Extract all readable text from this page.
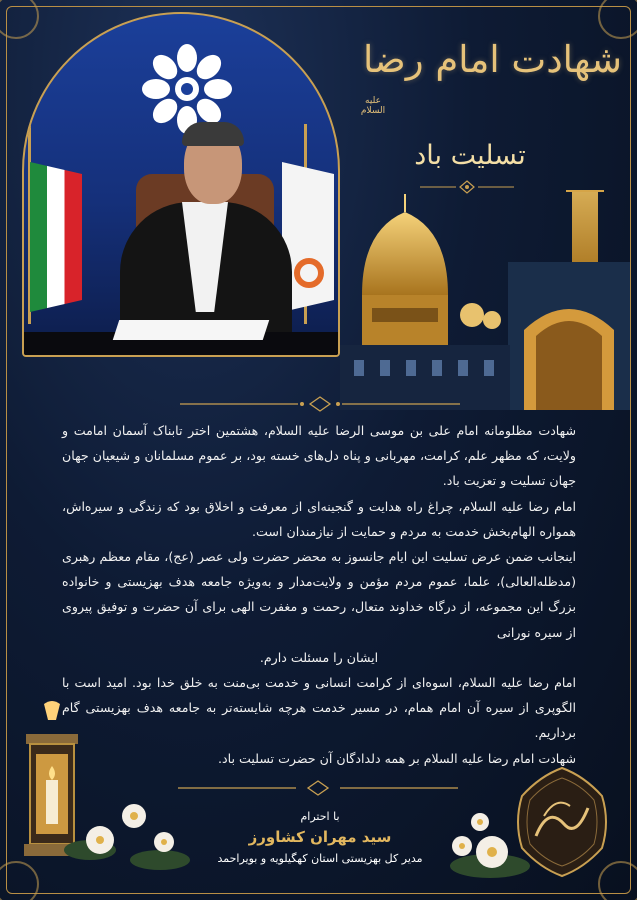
شهادت امام رضا
علیه السلام
تسلیت باد

شهادت مظلومانه امام علی بن موسی الرضا علیه السلام، هشتمین اختر تابناک آسمان امامت و ولایت، که مظهر علم، کرامت، مهربانی و پناه دل‌های خسته بود، بر عموم مسلمانان و شیعیان جهان جهان تسلیت و تعزیت باد.

امام رضا علیه السلام، چراغ راه هدایت و گنجینه‌ای از معرفت و اخلاق بود که زندگی و سیره‌اش، همواره الهام‌بخش خدمت به مردم و حمایت از نیازمندان است.

اینجانب ضمن عرض تسلیت این ایام جانسوز به محضر حضرت ولی عصر (عج)، مقام معظم رهبری (مدظله‌العالی)، علما، عموم مردم مؤمن و ولایت‌مدار و به‌ویژه جامعه هدف بهزیستی و خانواده بزرگ این مجموعه، از درگاه خداوند متعال، رحمت و مغفرت الهی برای آن حضرت و توفیق پیروی از سیره نورانی

ایشان را مسئلت دارم.

امام رضا علیه السلام، اسوه‌ای از کرامت انسانی و خدمت بی‌منت به خلق خدا بود. امید است با الگوپری از سیره آن امام همام، در مسیر خدمت هرچه شایسته‌تر به جامعه هدف بهزیستی گام برداریم.

شهادت امام رضا علیه السلام بر همه دلدادگان آن حضرت تسلیت باد.

با احترام
سید مهران کشاورز
مدیر کل بهزیستی استان کهگیلویه و بویراحمد
